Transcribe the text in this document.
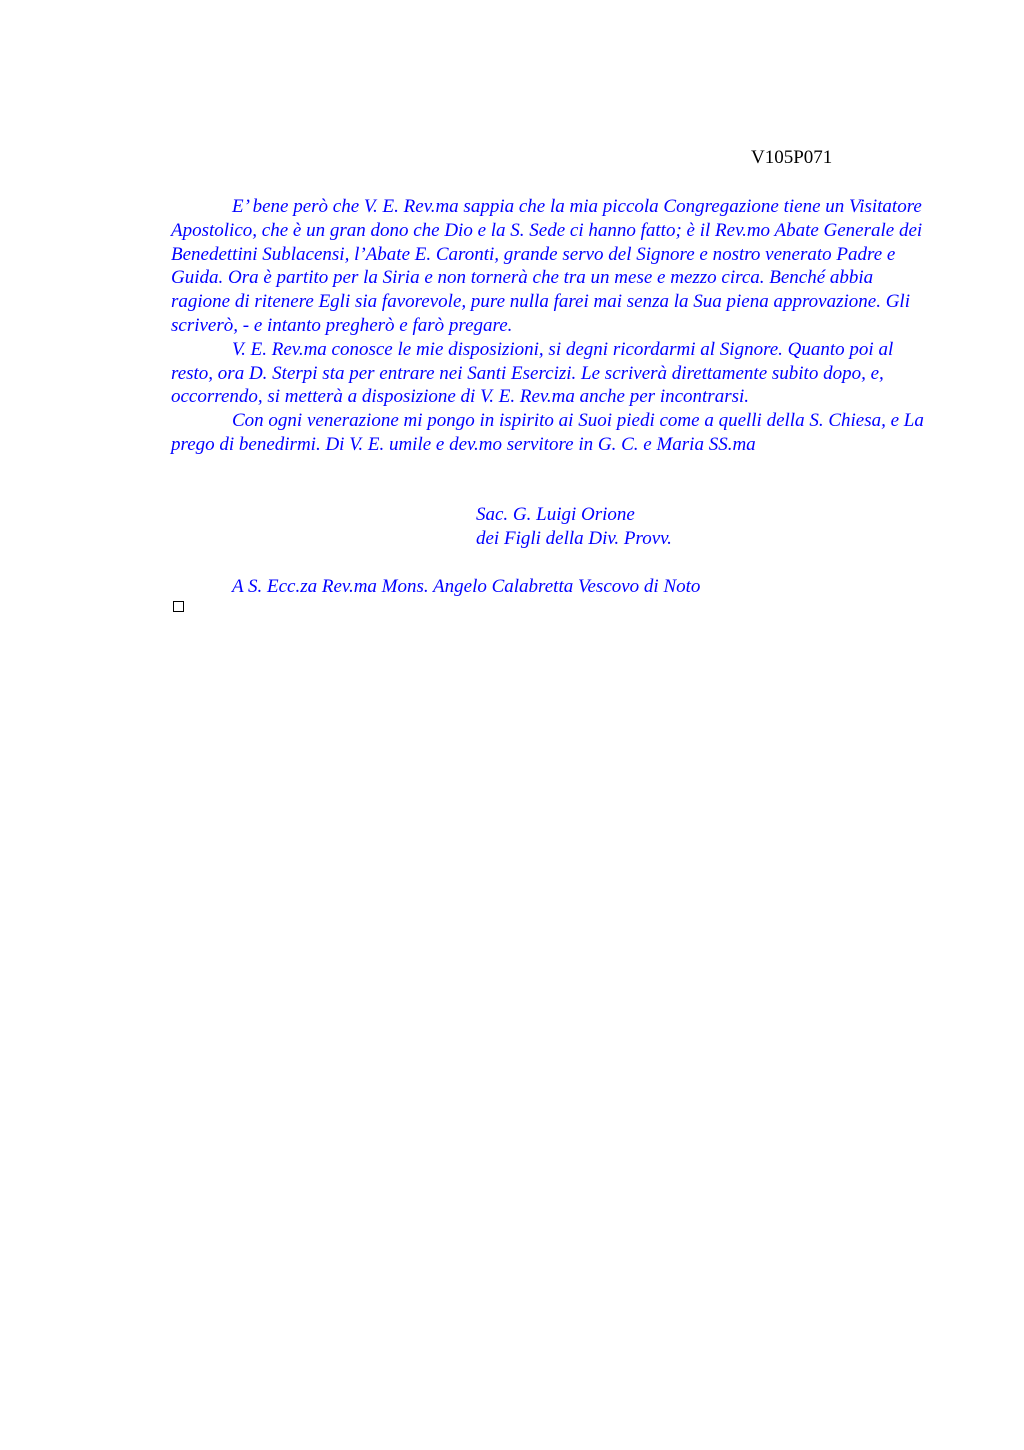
V105P071

E’ bene però che V. E. Rev.ma sappia che la mia piccola Congregazione tiene un Visitatore Apostolico, che è un gran dono che Dio e la S. Sede ci hanno fatto; è il Rev.mo Abate Generale dei Benedettini Sublacensi, l’Abate E. Caronti, grande servo del Signore e nostro venerato Padre e Guida. Ora è partito per la Siria e non tornerà che tra un mese e mezzo circa. Benché abbia ragione di ritenere Egli sia favorevole, pure nulla farei mai senza la Sua piena approvazione. Gli scriverò, - e intanto pregherò e farò pregare.

V. E. Rev.ma conosce le mie disposizioni, si degni ricordarmi al Signore. Quanto poi al resto, ora D. Sterpi sta per entrare nei Santi Esercizi. Le scriverà direttamente subito dopo, e, occorrendo, si metterà a disposizione di V. E. Rev.ma anche per incontrarsi.

Con ogni venerazione mi pongo in ispirito ai Suoi piedi come a quelli della S. Chiesa, e La prego di benedirmi. Di V. E. umile e dev.mo servitore in G. C. e Maria SS.ma

Sac. G. Luigi Orione
dei Figli della Div. Provv.
A S. Ecc.za Rev.ma Mons. Angelo Calabretta Vescovo di Noto
